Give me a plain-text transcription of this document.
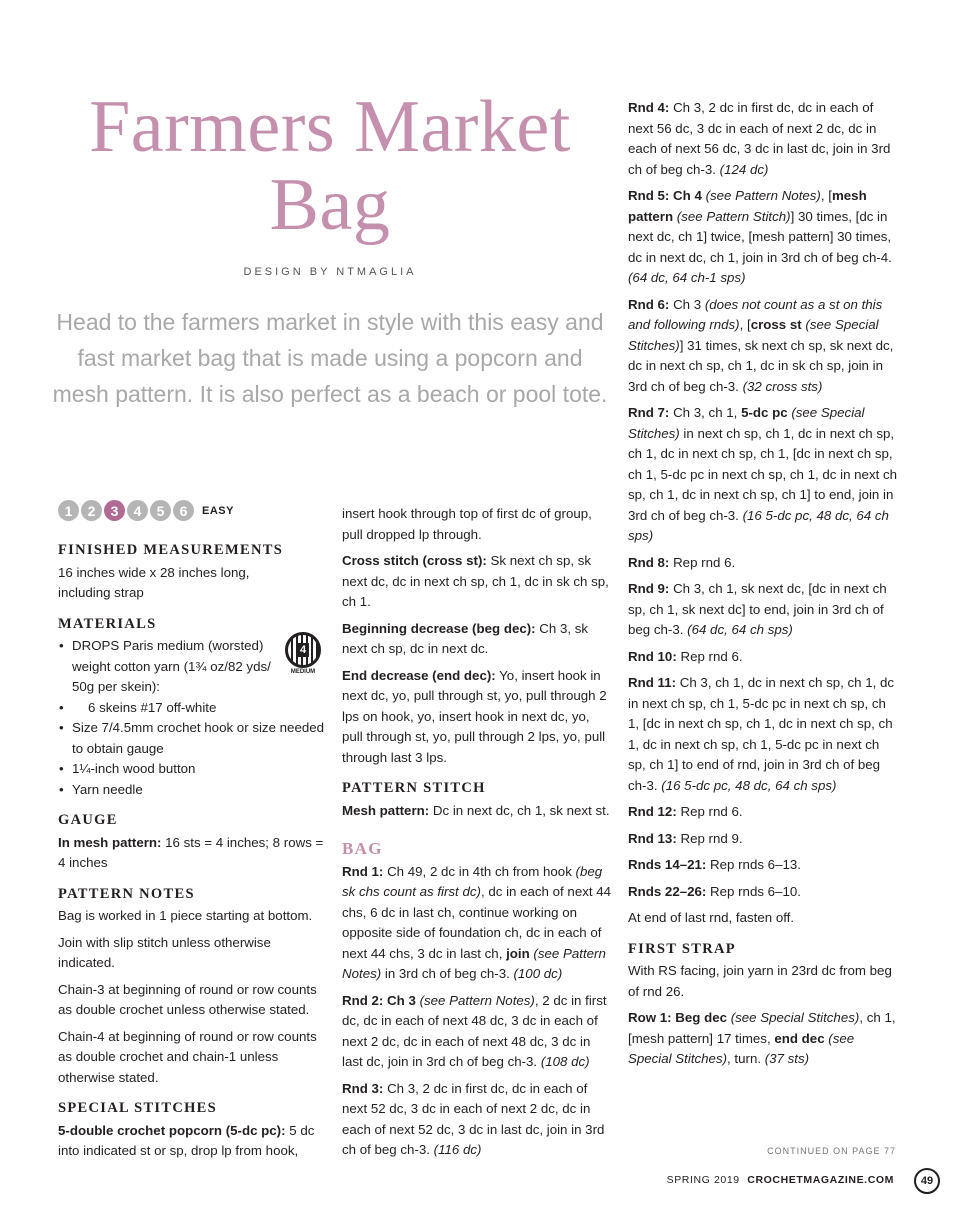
Farmers Market Bag
DESIGN BY NTMAGLIA
Head to the farmers market in style with this easy and fast market bag that is made using a popcorn and mesh pattern. It is also perfect as a beach or pool tote.
1	2	3	4	5	6	EASY
4
MEDIUM
FINISHED MEASUREMENTS

16 inches wide x 28 inches long, including strap

MATERIALS
• DROPS Paris medium (worsted) weight cotton yarn (1¾ oz/82 yds/ 50g per skein):
• 6 skeins #17 off-white
• Size 7/4.5mm crochet hook or size needed to obtain gauge
• 1¼-inch wood button
• Yarn needle
GAUGE

In mesh pattern: 16 sts = 4 inches; 8 rows = 4 inches

PATTERN NOTES

Bag is worked in 1 piece starting at bottom.

Join with slip stitch unless otherwise indicated.

Chain-3 at beginning of round or row counts as double crochet unless otherwise stated.

Chain-4 at beginning of round or row counts as double crochet and chain-1 unless otherwise stated.

SPECIAL STITCHES

5-double crochet popcorn (5-dc pc): 5 dc into indicated st or sp, drop lp from hook,

insert hook through top of first dc of group, pull dropped lp through.

Cross stitch (cross st): Sk next ch sp, sk next dc, dc in next ch sp, ch 1, dc in sk ch sp, ch 1.

Beginning decrease (beg dec): Ch 3, sk next ch sp, dc in next dc.

End decrease (end dec): Yo, insert hook in next dc, yo, pull through st, yo, pull through 2 lps on hook, yo, insert hook in next dc, yo, pull through st, yo, pull through 2 lps, yo, pull through last 3 lps.

PATTERN STITCH

Mesh pattern: Dc in next dc, ch 1, sk next st.

BAG

Rnd 1: Ch 49, 2 dc in 4th ch from hook (beg sk chs count as first dc), dc in each of next 44 chs, 6 dc in last ch, continue working on opposite side of foundation ch, dc in each of next 44 chs, 3 dc in last ch, join (see Pattern Notes) in 3rd ch of beg ch-3. (100 dc)

Rnd 2: Ch 3 (see Pattern Notes), 2 dc in first dc, dc in each of next 48 dc, 3 dc in each of next 2 dc, dc in each of next 48 dc, 3 dc in last dc, join in 3rd ch of beg ch-3. (108 dc)

Rnd 3: Ch 3, 2 dc in first dc, dc in each of next 52 dc, 3 dc in each of next 2 dc, dc in each of next 52 dc, 3 dc in last dc, join in 3rd ch of beg ch-3. (116 dc)

Rnd 4: Ch 3, 2 dc in first dc, dc in each of next 56 dc, 3 dc in each of next 2 dc, dc in each of next 56 dc, 3 dc in last dc, join in 3rd ch of beg ch-3. (124 dc)

Rnd 5: Ch 4 (see Pattern Notes), [mesh pattern (see Pattern Stitch)] 30 times, [dc in next dc, ch 1] twice, [mesh pattern] 30 times, dc in next dc, ch 1, join in 3rd ch of beg ch-4. (64 dc, 64 ch-1 sps)

Rnd 6: Ch 3 (does not count as a st on this and following rnds), [cross st (see Special Stitches)] 31 times, sk next ch sp, sk next dc, dc in next ch sp, ch 1, dc in sk ch sp, join in 3rd ch of beg ch-3. (32 cross sts)

Rnd 7: Ch 3, ch 1, 5-dc pc (see Special Stitches) in next ch sp, ch 1, dc in next ch sp, ch 1, dc in next ch sp, ch 1, [dc in next ch sp, ch 1, 5-dc pc in next ch sp, ch 1, dc in next ch sp, ch 1, dc in next ch sp, ch 1] to end, join in 3rd ch of beg ch-3. (16 5-dc pc, 48 dc, 64 ch sps)

Rnd 8: Rep rnd 6.

Rnd 9: Ch 3, ch 1, sk next dc, [dc in next ch sp, ch 1, sk next dc] to end, join in 3rd ch of beg ch-3. (64 dc, 64 ch sps)

Rnd 10: Rep rnd 6.

Rnd 11: Ch 3, ch 1, dc in next ch sp, ch 1, dc in next ch sp, ch 1, 5-dc pc in next ch sp, ch 1, [dc in next ch sp, ch 1, dc in next ch sp, ch 1, dc in next ch sp, ch 1, 5-dc pc in next ch sp, ch 1] to end of rnd, join in 3rd ch of beg ch-3. (16 5-dc pc, 48 dc, 64 ch sps)

Rnd 12: Rep rnd 6.

Rnd 13: Rep rnd 9.

Rnds 14–21: Rep rnds 6–13.

Rnds 22–26: Rep rnds 6–10.

At end of last rnd, fasten off.

FIRST STRAP

With RS facing, join yarn in 23rd dc from beg of rnd 26.

Row 1: Beg dec (see Special Stitches), ch 1, [mesh pattern] 17 times, end dec (see Special Stitches), turn. (37 sts)

CONTINUED ON PAGE 77
SPRING 2019 CROCHETMAGAZINE.COM	49
